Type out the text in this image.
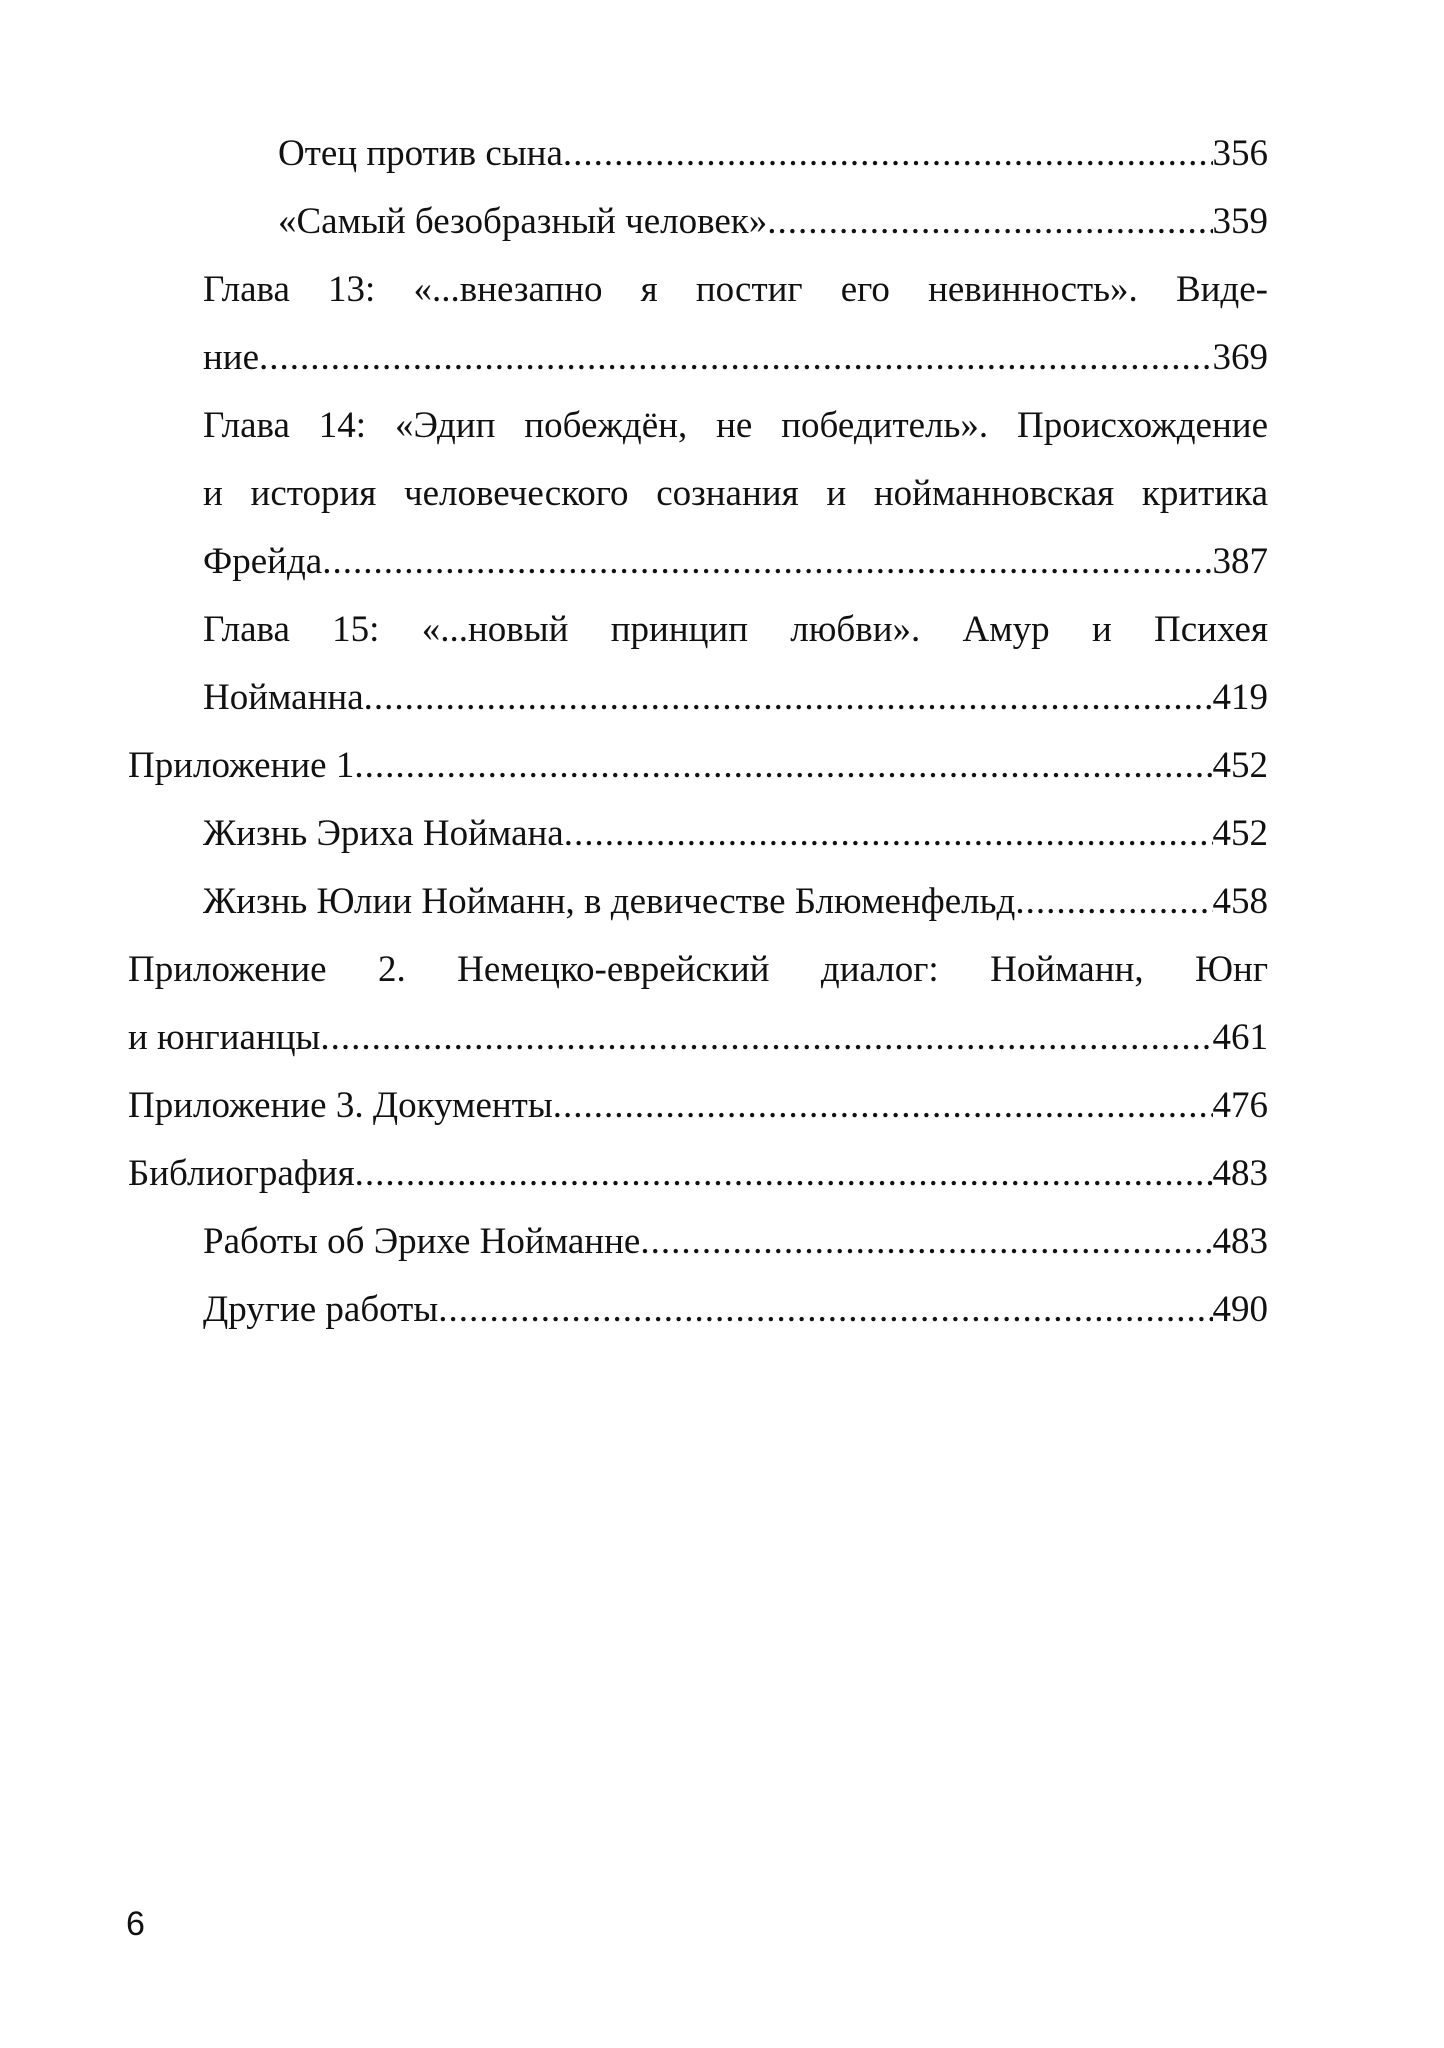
Отец против сына .....	356
«Самый безобразный человек» .....	359
Глава 13: «...внезапно я постиг его невинность». Виде-
ние .....	369
Глава 14: «Эдип побеждён, не победитель». Происхождение
и история человеческого сознания и нойманновская критика
Фрейда .....	387
Глава 15: «...новый принцип любви». Амур и Психея
Нойманна .....	419
Приложение 1 .....	452
Жизнь Эриха Ноймана .....	452
Жизнь Юлии Нойманн, в девичестве Блюменфельд .....	458
Приложение 2. Немецко-еврейский диалог: Нойманн, Юнг
и юнгианцы .....	461
Приложение 3. Документы .....	476
Библиография .....	483
Работы об Эрихе Нойманне .....	483
Другие работы .....	490
6
